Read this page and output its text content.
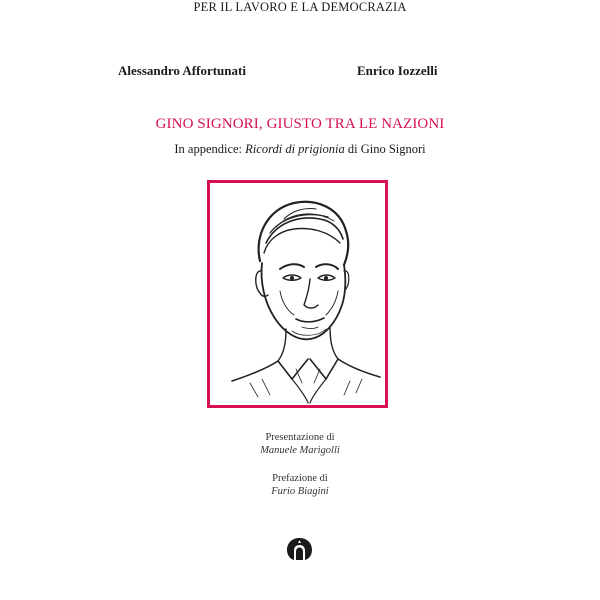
PER IL LAVORO E LA DEMOCRAZIA
Alessandro Affortunati	Enrico Iozzelli
GINO SIGNORI, GIUSTO TRA LE NAZIONI
In appendice: Ricordi di prigionia di Gino Signori
Presentazione di
Manuele Marigolli
Prefazione di
Furio Biagini
